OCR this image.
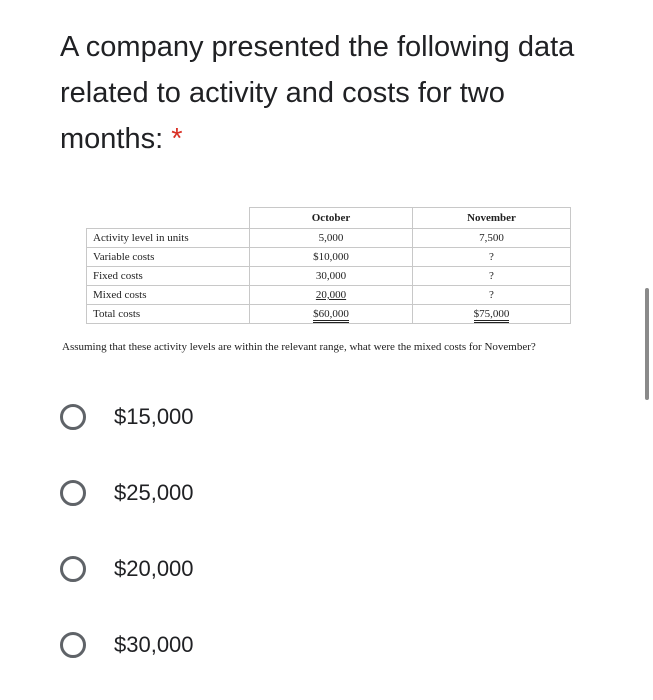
A company presented the following data related to activity and costs for two months: *
	October	November
Activity level in units	5,000	7,500
Variable costs	$10,000	?
Fixed costs	30,000	?
Mixed costs	20,000	?
Total costs	$60,000	$75,000
Assuming that these activity levels are within the relevant range, what were the mixed costs for November?
$15,000
$25,000
$20,000
$30,000
